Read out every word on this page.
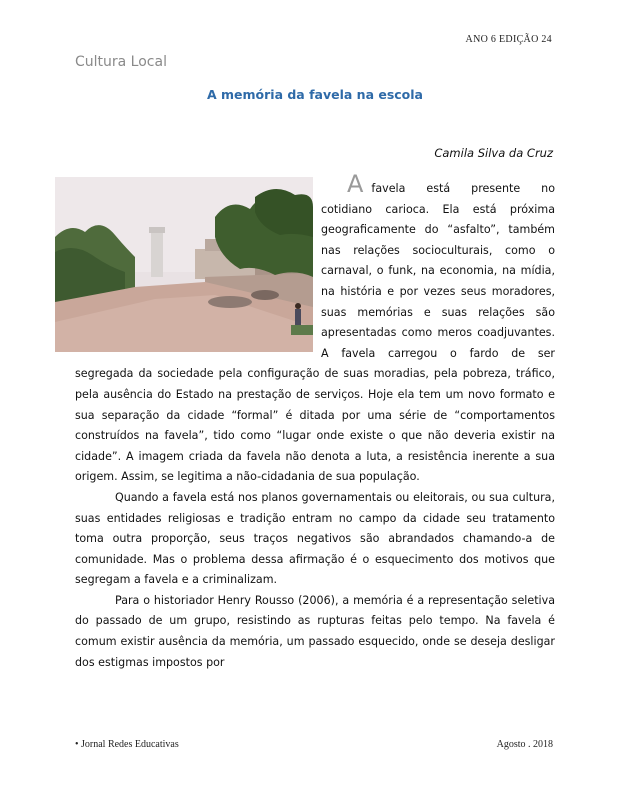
ANO 6 EDIÇÃO 24
Cultura Local
A memória da favela na escola
Camila Silva da Cruz

Afavela está presente no cotidiano carioca. Ela está próxima geograficamente do “asfalto”, também nas relações socioculturais, como o carnaval, o funk, na economia, na mídia, na história e por vezes seus moradores, suas memórias e suas relações são apresentadas como meros coadjuvantes. A favela carregou o fardo de ser segregada da sociedade pela configuração de suas moradias, pela pobreza, tráfico, pela ausência do Estado na prestação de serviços. Hoje ela tem um novo formato e sua separação da cidade “formal” é ditada por uma série de “comportamentos construídos na favela”, tido como “lugar onde existe o que não deveria existir na cidade”. A imagem criada da favela não denota a luta, a resistência inerente a sua origem. Assim, se legitima a não-cidadania de sua população.

Quando a favela está nos planos governamentais ou eleitorais, ou sua cultura, suas entidades religiosas e tradição entram no campo da cidade seu tratamento toma outra proporção, seus traços negativos são abrandados chamando-a de comunidade. Mas o problema dessa afirmação é o esquecimento dos motivos que segregam a favela e a criminalizam.

Para o historiador Henry Rousso (2006), a memória é a representação seletiva do passado de um grupo, resistindo as rupturas feitas pelo tempo. Na favela é comum existir ausência da memória, um passado esquecido, onde se deseja desligar dos estigmas impostos por

• Jornal Redes Educativas	Agosto . 2018
